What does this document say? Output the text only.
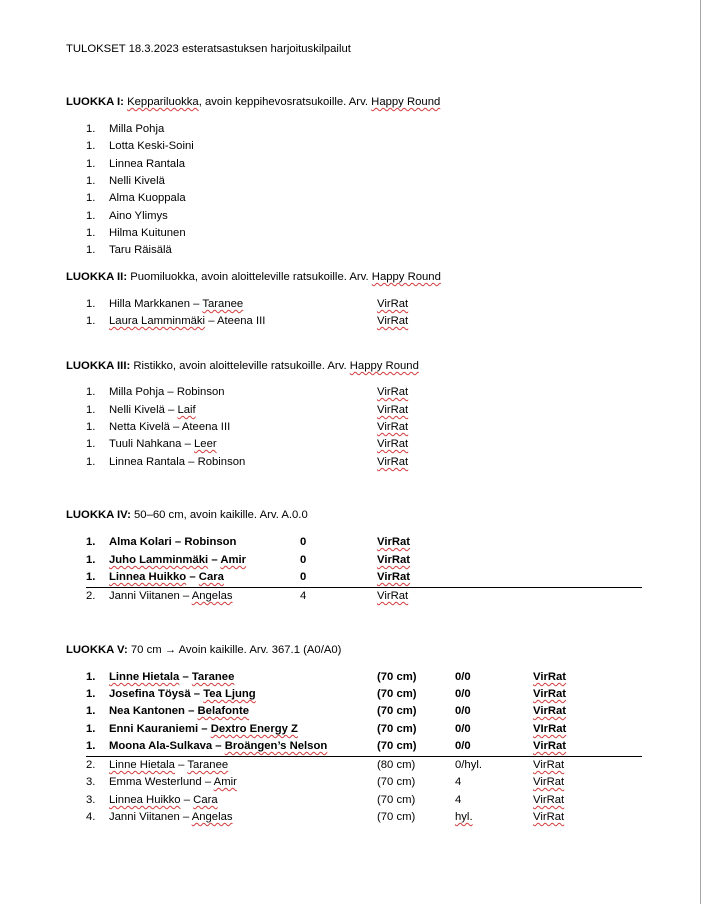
TULOKSET 18.3.2023 esteratsastuksen harjoituskilpailut
LUOKKA I: Keppariluokka, avoin keppihevosratsukoille. Arv. Happy Round
1. Milla Pohja
1. Lotta Keski-Soini
1. Linnea Rantala
1. Nelli Kivelä
1. Alma Kuoppala
1. Aino Ylimys
1. Hilma Kuitunen
1. Taru Räisälä
LUOKKA II: Puomiluokka, avoin aloitteleville ratsukoille. Arv. Happy Round
1. Hilla Markkanen – Taranee	VirRat
1. Laura Lamminmäki – Ateena III	VirRat
LUOKKA III: Ristikko, avoin aloitteleville ratsukoille. Arv. Happy Round
1. Milla Pohja – Robinson	VirRat
1. Nelli Kivelä – Laif	VirRat
1. Netta Kivelä – Ateena III	VirRat
1. Tuuli Nahkana – Leer	VirRat
1. Linnea Rantala – Robinson	VirRat
LUOKKA IV: 50–60 cm, avoin kaikille. Arv. A.0.0
1. Alma Kolari – Robinson	0	VirRat
1. Juho Lamminmäki – Amir	0	VirRat
1. Linnea Huikko – Cara	0	VirRat
2. Janni Viitanen – Angelas	4	VirRat
LUOKKA V: 70 cm → Avoin kaikille. Arv. 367.1 (A0/A0)
1. Linne Hietala – Taranee	(70 cm)	0/0	VirRat
1. Josefina Töysä – Tea Ljung	(70 cm)	0/0	VirRat
1. Nea Kantonen – Belafonte	(70 cm)	0/0	VirRat
1. Enni Kauraniemi – Dextro Energy Z	(70 cm)	0/0	VIrRat
1. Moona Ala-Sulkava – Broängen’s Nelson	(70 cm)	0/0	VirRat
2. Linne Hietala – Taranee	(80 cm)	0/hyl.	VirRat
3. Emma Westerlund – Amir	(70 cm)	4	VirRat
3. Linnea Huikko – Cara	(70 cm)	4	VirRat
4. Janni Viitanen – Angelas	(70 cm)	hyl.	VirRat
